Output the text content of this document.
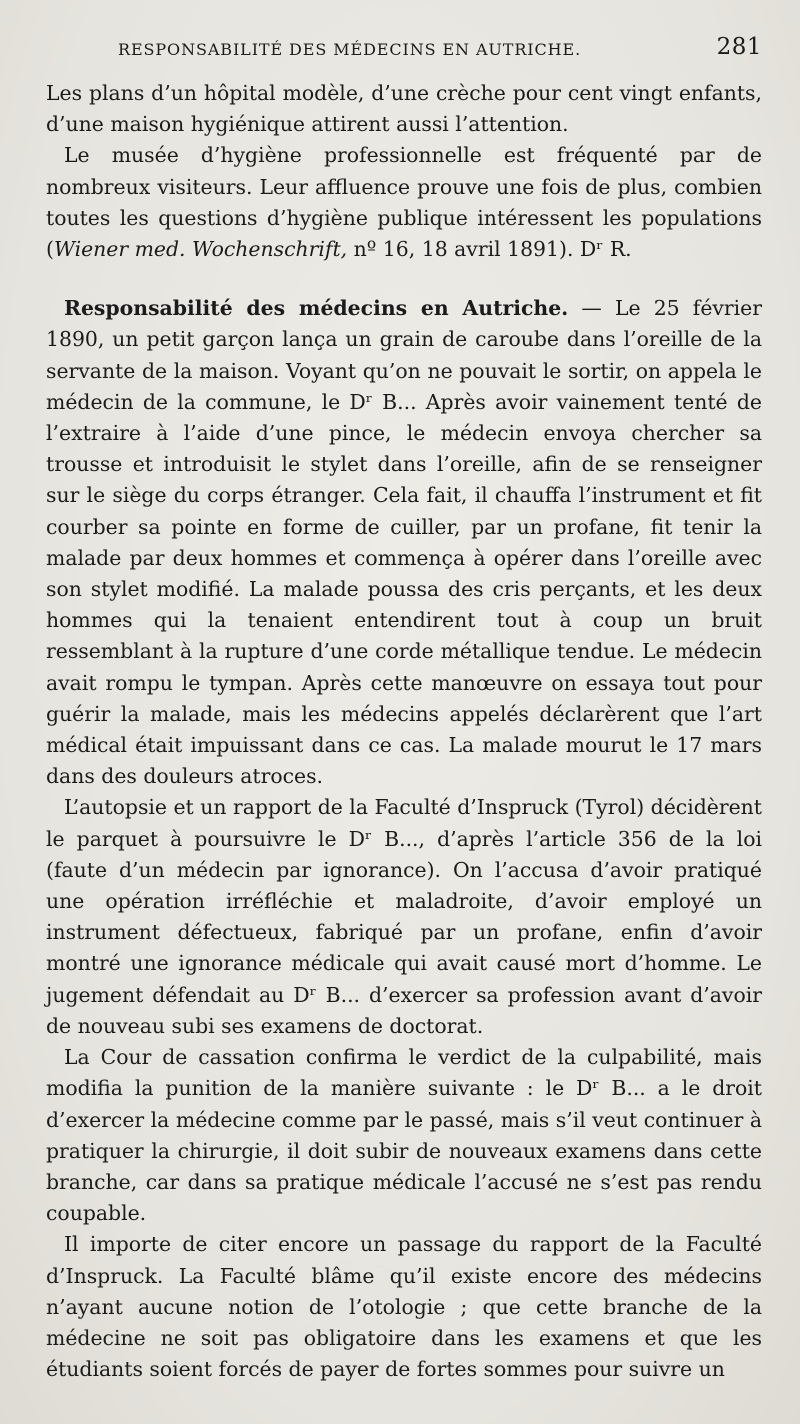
RESPONSABILITÉ DES MÉDECINS EN AUTRICHE.	281

Les plans d’un hôpital modèle, d’une crèche pour cent vingt enfants, d’une maison hygiénique attirent aussi l’attention.

Le musée d’hygiène professionnelle est fréquenté par de nombreux visiteurs. Leur affluence prouve une fois de plus, combien toutes les questions d’hygiène publique intéressent les populations (Wiener med. Wochenschrift, nº 16, 18 avril 1891). Dʳ R.

Responsabilité des médecins en Autriche. — Le 25 février 1890, un petit garçon lança un grain de caroube dans l’oreille de la servante de la maison. Voyant qu’on ne pouvait le sortir, on appela le médecin de la commune, le Dʳ B... Après avoir vainement tenté de l’extraire à l’aide d’une pince, le médecin envoya chercher sa trousse et introduisit le stylet dans l’oreille, afin de se renseigner sur le siège du corps étranger. Cela fait, il chauffa l’instrument et fit courber sa pointe en forme de cuiller, par un profane, fit tenir la malade par deux hommes et commença à opérer dans l’oreille avec son stylet modifié. La malade poussa des cris perçants, et les deux hommes qui la tenaient entendirent tout à coup un bruit ressemblant à la rupture d’une corde métallique tendue. Le médecin avait rompu le tympan. Après cette manœuvre on essaya tout pour guérir la malade, mais les médecins appelés déclarèrent que l’art médical était impuissant dans ce cas. La malade mourut le 17 mars dans des douleurs atroces.

L’autopsie et un rapport de la Faculté d’Inspruck (Tyrol) décidèrent le parquet à poursuivre le Dʳ B..., d’après l’article 356 de la loi (faute d’un médecin par ignorance). On l’accusa d’avoir pratiqué une opération irréfléchie et maladroite, d’avoir employé un instrument défectueux, fabriqué par un profane, enfin d’avoir montré une ignorance médicale qui avait causé mort d’homme. Le jugement défendait au Dʳ B... d’exercer sa profession avant d’avoir de nouveau subi ses examens de doctorat.

La Cour de cassation confirma le verdict de la culpabilité, mais modifia la punition de la manière suivante : le Dʳ B... a le droit d’exercer la médecine comme par le passé, mais s’il veut continuer à pratiquer la chirurgie, il doit subir de nouveaux examens dans cette branche, car dans sa pratique médicale l’accusé ne s’est pas rendu coupable.

Il importe de citer encore un passage du rapport de la Faculté d’Inspruck. La Faculté blâme qu’il existe encore des médecins n’ayant aucune notion de l’otologie ; que cette branche de la médecine ne soit pas obligatoire dans les examens et que les étudiants soient forcés de payer de fortes sommes pour suivre un
